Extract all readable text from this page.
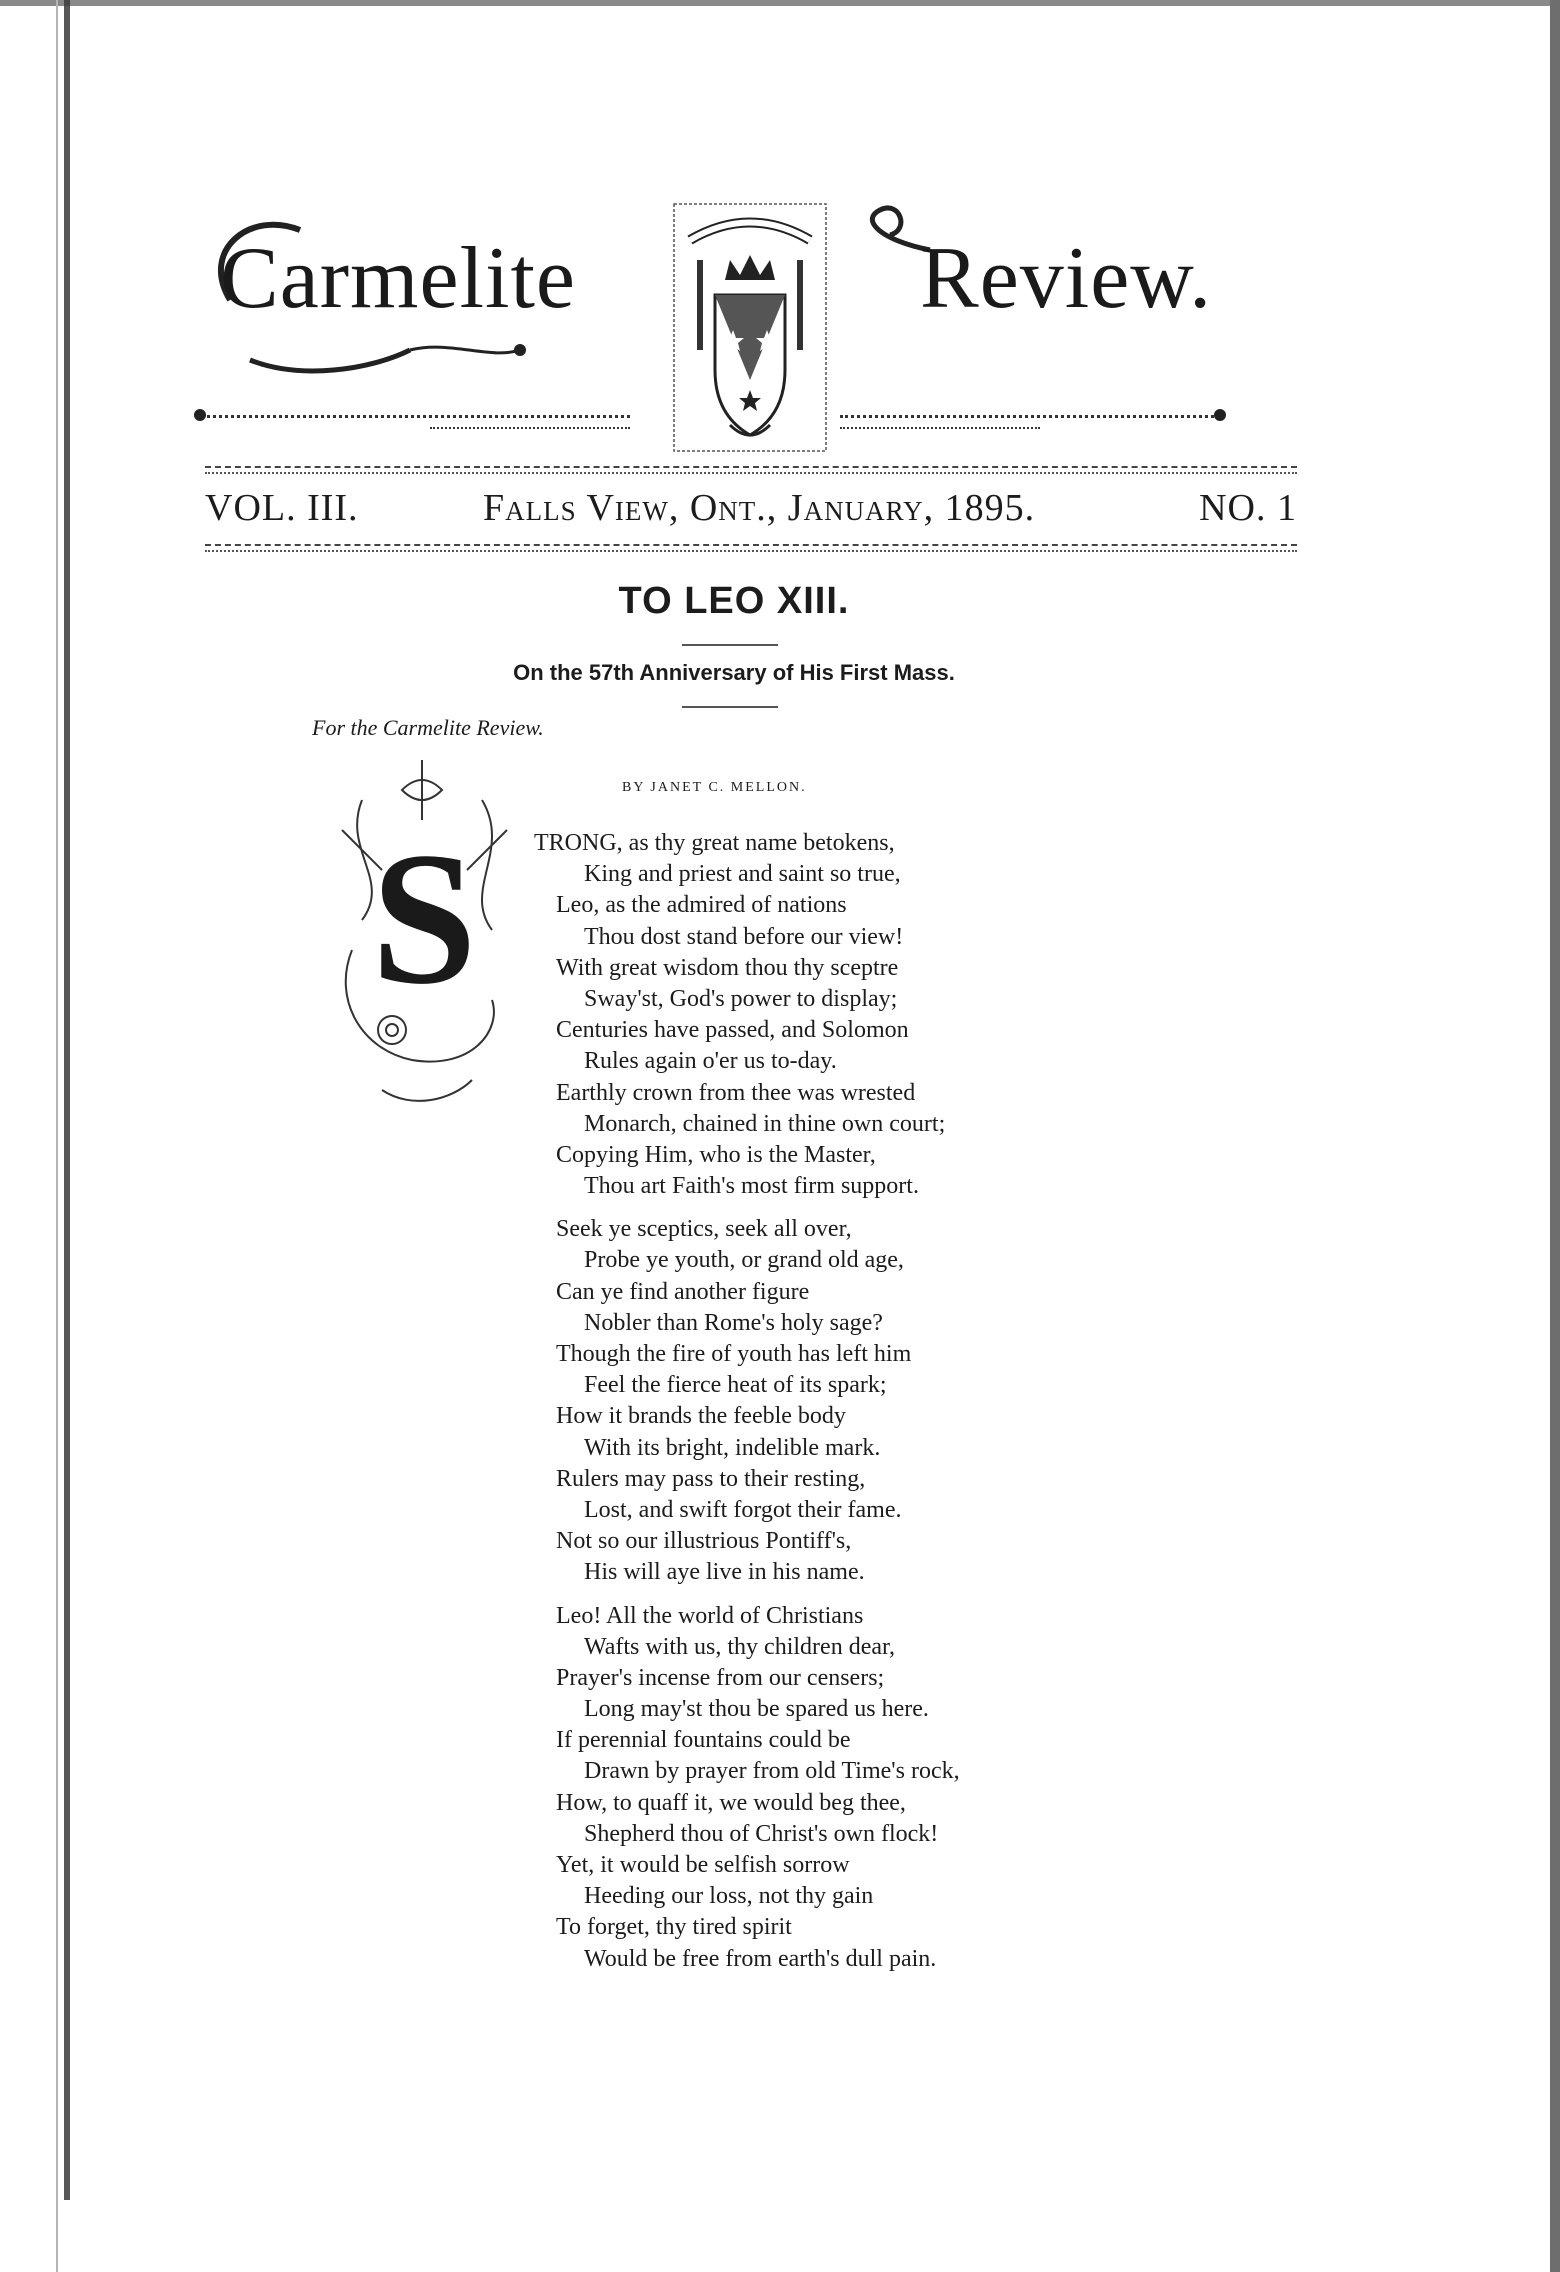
Carmelite	Review.
VOL. III.	Falls View, Ont., January, 1895.	NO. 1
TO LEO XIII.
On the 57th Anniversary of His First Mass.
For the Carmelite Review.
BY JANET C. MELLON.
S TRONG, as thy great name betokens,
King and priest and saint so true,
Leo, as the admired of nations
Thou dost stand before our view!
With great wisdom thou thy sceptre
Sway'st, God's power to display;
Centuries have passed, and Solomon
Rules again o'er us to-day.
Earthly crown from thee was wrested
Monarch, chained in thine own court;
Copying Him, who is the Master,
Thou art Faith's most firm support.
Seek ye sceptics, seek all over,
Probe ye youth, or grand old age,
Can ye find another figure
Nobler than Rome's holy sage?
Though the fire of youth has left him
Feel the fierce heat of its spark;
How it brands the feeble body
With its bright, indelible mark.
Rulers may pass to their resting,
Lost, and swift forgot their fame.
Not so our illustrious Pontiff's,
His will aye live in his name.
Leo! All the world of Christians
Wafts with us, thy children dear,
Prayer's incense from our censers;
Long may'st thou be spared us here.
If perennial fountains could be
Drawn by prayer from old Time's rock,
How, to quaff it, we would beg thee,
Shepherd thou of Christ's own flock!
Yet, it would be selfish sorrow
Heeding our loss, not thy gain
To forget, thy tired spirit
Would be free from earth's dull pain.
